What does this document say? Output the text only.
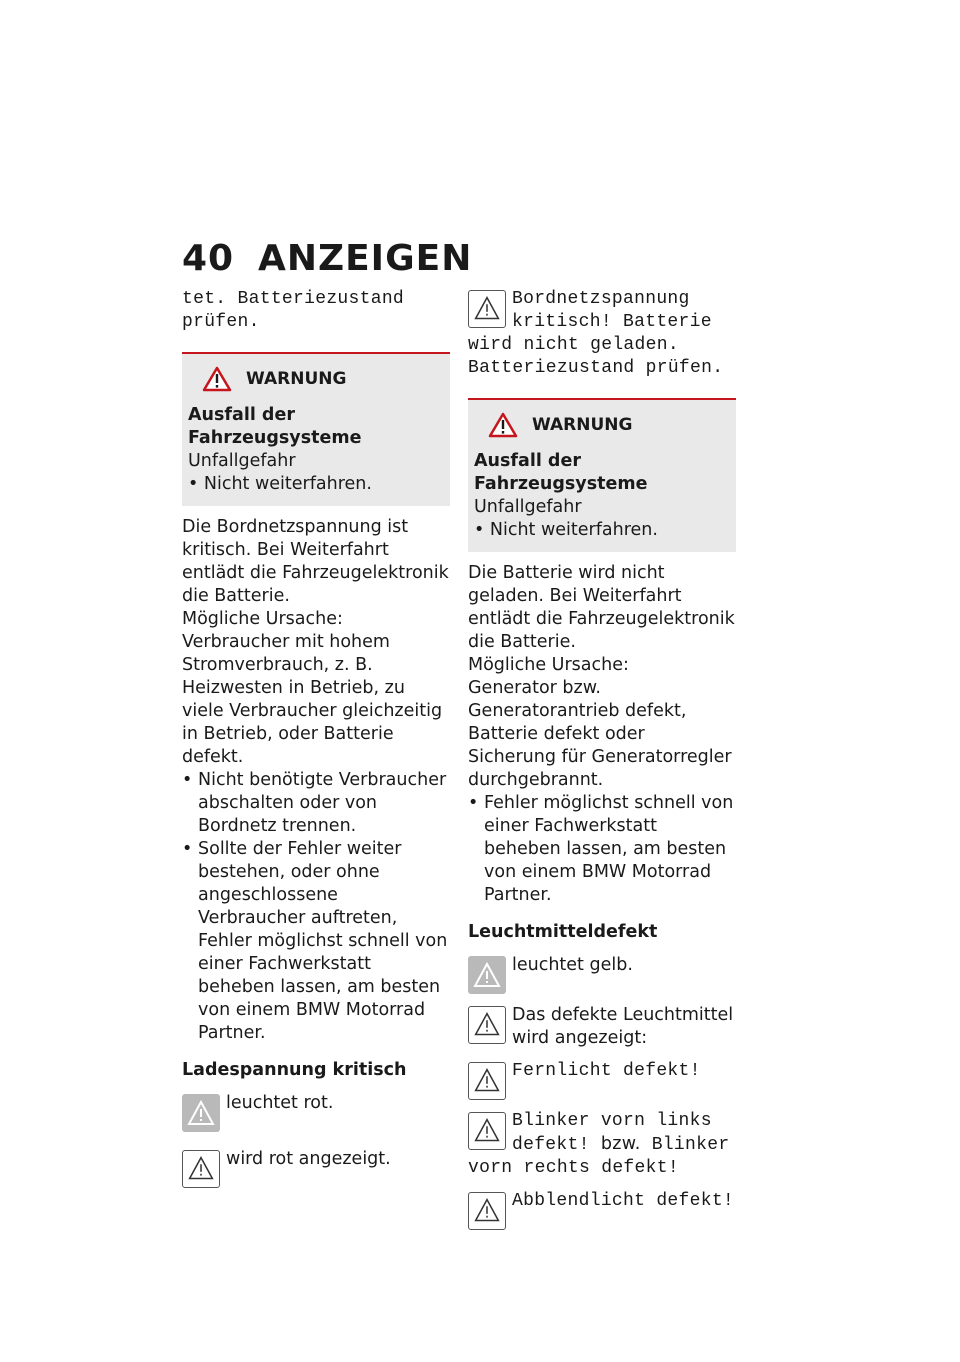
40 ANZEIGEN
tet. Batteriezustand prüfen.
WARNUNG
Ausfall der Fahrzeugsysteme
Unfallgefahr
• Nicht weiterfahren.
Die Bordnetzspannung ist kritisch. Bei Weiterfahrt entlädt die Fahrzeugelektronik die Batterie.
Mögliche Ursache:
Verbraucher mit hohem Stromverbrauch, z. B. Heizwesten in Betrieb, zu viele Verbraucher gleichzeitig in Betrieb, oder Batterie defekt.
• Nicht benötigte Verbraucher abschalten oder von Bordnetz trennen.
• Sollte der Fehler weiter bestehen, oder ohne angeschlossene Verbraucher auftreten, Fehler möglichst schnell von einer Fachwerkstatt beheben lassen, am besten von einem BMW Motorrad Partner.
Ladespannung kritisch
leuchtet rot.
wird rot angezeigt.
Bordnetzspannung kritisch! Batterie wird nicht geladen. Batteriezustand prüfen.
WARNUNG
Ausfall der Fahrzeugsysteme
Unfallgefahr
• Nicht weiterfahren.
Die Batterie wird nicht geladen. Bei Weiterfahrt entlädt die Fahrzeugelektronik die Batterie.
Mögliche Ursache:
Generator bzw. Generatorantrieb defekt, Batterie defekt oder Sicherung für Generatorregler durchgebrannt.
• Fehler möglichst schnell von einer Fachwerkstatt beheben lassen, am besten von einem BMW Motorrad Partner.
Leuchtmitteldefekt
leuchtet gelb.
Das defekte Leuchtmittel wird angezeigt:
Fernlicht defekt!
Blinker vorn links defekt! bzw. Blinker vorn rechts defekt!
Abblendlicht defekt!
